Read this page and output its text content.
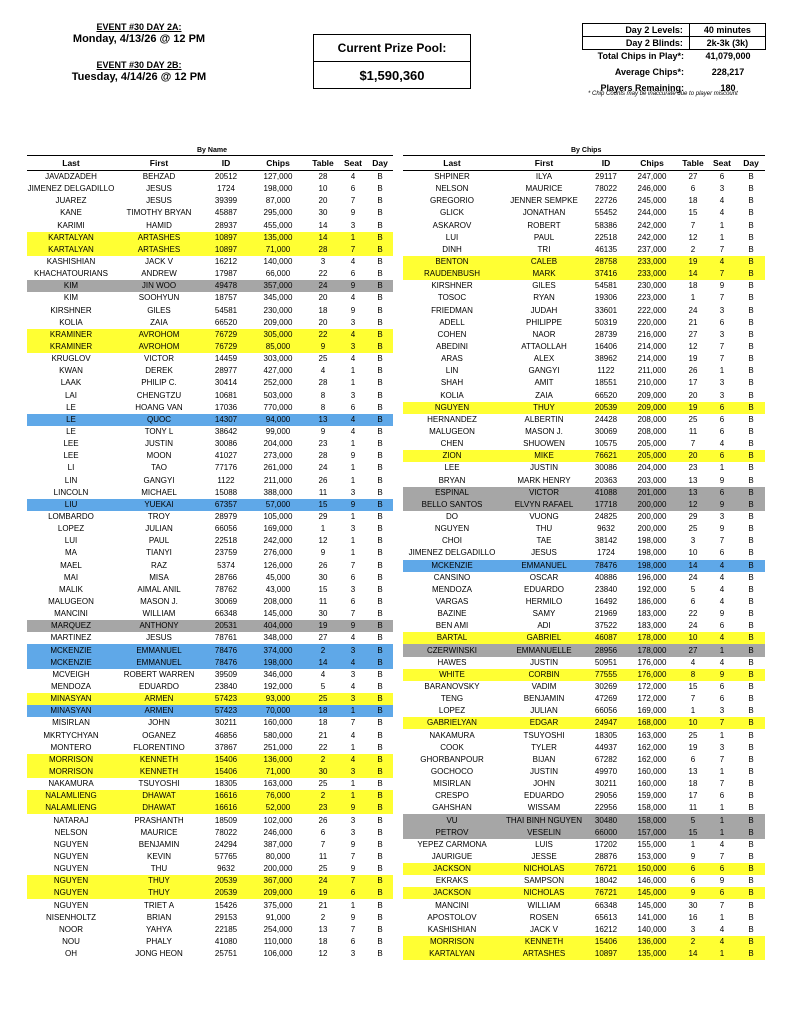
EVENT #30 DAY 2A:
Monday, 4/13/26 @ 12 PM
EVENT #30 DAY 2B:
Tuesday, 4/14/26 @ 12 PM
Current Prize Pool:
$1,590,360
Day 2 Levels:	40 minutes
Day 2 Blinds:	2k-3k (3k)
Total Chips in Play*:	41,079,000
Average Chips*:	228,217
Players Remaining:	180
* Chip Counts may be inaccurate due to player miscount
By Name	By Chips
Last	First	ID	Chips	Table	Seat	Day
JAVADZADEH	BEHZAD	20512	127,000	28	4	B
JIMENEZ DELGADILLO	JESUS	1724	198,000	10	6	B
JUAREZ	JESUS	39399	87,000	20	7	B
KANE	TIMOTHY BRYAN	45887	295,000	30	9	B
KARIMI	HAMID	28937	455,000	14	3	B
KARTALYAN	ARTASHES	10897	135,000	14	1	B
KARTALYAN	ARTASHES	10897	71,000	28	7	B
KASHISHIAN	JACK V	16212	140,000	3	4	B
KHACHATOURIANS	ANDREW	17987	66,000	22	6	B
KIM	JIN WOO	49478	357,000	24	9	B
KIM	SOOHYUN	18757	345,000	20	4	B
KIRSHNER	GILES	54581	230,000	18	9	B
KOLIA	ZAIA	66520	209,000	20	3	B
KRAMINER	AVROHOM	76729	305,000	22	4	B
KRAMINER	AVROHOM	76729	85,000	9	3	B
KRUGLOV	VICTOR	14459	303,000	25	4	B
KWAN	DEREK	28977	427,000	4	1	B
LAAK	PHILIP C.	30414	252,000	28	1	B
LAI	CHENGTZU	10681	503,000	8	3	B
LE	HOANG VAN	17036	770,000	8	6	B
LE	QUOC	14307	94,000	13	4	B
LE	TONY L	38642	99,000	9	4	B
LEE	JUSTIN	30086	204,000	23	1	B
LEE	MOON	41027	273,000	28	9	B
LI	TAO	77176	261,000	24	1	B
LIN	GANGYI	1122	211,000	26	1	B
LINCOLN	MICHAEL	15088	388,000	11	3	B
LIU	YUEKAI	67357	57,000	15	9	B
LOMBARDO	TROY	28979	105,000	29	1	B
LOPEZ	JULIAN	66056	169,000	1	3	B
LUI	PAUL	22518	242,000	12	1	B
MA	TIANYI	23759	276,000	9	1	B
MAEL	RAZ	5374	126,000	26	7	B
MAI	MISA	28766	45,000	30	6	B
MALIK	AIMAL ANIL	78762	43,000	15	3	B
MALUGEON	MASON J.	30069	208,000	11	6	B
MANCINI	WILLIAM	66348	145,000	30	7	B
MARQUEZ	ANTHONY	20531	404,000	19	9	B
MARTINEZ	JESUS	78761	348,000	27	4	B
MCKENZIE	EMMANUEL	78476	374,000	2	3	B
MCKENZIE	EMMANUEL	78476	198,000	14	4	B
MCVEIGH	ROBERT WARREN	39509	346,000	4	3	B
MENDOZA	EDUARDO	23840	192,000	5	4	B
MINASYAN	ARMEN	57423	93,000	25	3	B
MINASYAN	ARMEN	57423	70,000	18	1	B
MISIRLAN	JOHN	30211	160,000	18	7	B
MKRTYCHYAN	OGANEZ	46856	580,000	21	4	B
MONTERO	FLORENTINO	37867	251,000	22	1	B
MORRISON	KENNETH	15406	136,000	2	4	B
MORRISON	KENNETH	15406	71,000	30	3	B
NAKAMURA	TSUYOSHI	18305	163,000	25	1	B
NALAMLIENG	DHAWAT	16616	76,000	2	1	B
NALAMLIENG	DHAWAT	16616	52,000	23	9	B
NATARAJ	PRASHANTH	18509	102,000	26	3	B
NELSON	MAURICE	78022	246,000	6	3	B
NGUYEN	BENJAMIN	24294	387,000	7	9	B
NGUYEN	KEVIN	57765	80,000	11	7	B
NGUYEN	THU	9632	200,000	25	9	B
NGUYEN	THUY	20539	367,000	24	7	B
NGUYEN	THUY	20539	209,000	19	6	B
NGUYEN	TRIET A	15426	375,000	21	1	B
NISENHOLTZ	BRIAN	29153	91,000	2	9	B
NOOR	YAHYA	22185	254,000	13	7	B
NOU	PHALY	41080	110,000	18	6	B
OH	JONG HEON	25751	106,000	12	3	B
Last	First	ID	Chips	Table	Seat	Day
SHPINER	ILYA	29117	247,000	27	6	B
NELSON	MAURICE	78022	246,000	6	3	B
GREGORIO	JENNER SEMPKE	22726	245,000	18	4	B
GLICK	JONATHAN	55452	244,000	15	4	B
ASKAROV	ROBERT	58386	242,000	7	1	B
LUI	PAUL	22518	242,000	12	1	B
DINH	TRI	46135	237,000	2	7	B
BENTON	CALEB	28758	233,000	19	4	B
RAUDENBUSH	MARK	37416	233,000	14	7	B
KIRSHNER	GILES	54581	230,000	18	9	B
TOSOC	RYAN	19306	223,000	1	7	B
FRIEDMAN	JUDAH	33601	222,000	24	3	B
ADELL	PHILIPPE	50319	220,000	21	6	B
COHEN	NAOR	28739	216,000	27	3	B
ABEDINI	ATTAOLLAH	16406	214,000	12	7	B
ARAS	ALEX	38962	214,000	19	7	B
LIN	GANGYI	1122	211,000	26	1	B
SHAH	AMIT	18551	210,000	17	3	B
KOLIA	ZAIA	66520	209,000	20	3	B
NGUYEN	THUY	20539	209,000	19	6	B
HERNANDEZ	ALBERTIN	24428	208,000	25	6	B
MALUGEON	MASON J.	30069	208,000	11	6	B
CHEN	SHUOWEN	10575	205,000	7	4	B
ZION	MIKE	76621	205,000	20	6	B
LEE	JUSTIN	30086	204,000	23	1	B
BRYAN	MARK HENRY	20363	203,000	13	9	B
ESPINAL	VICTOR	41088	201,000	13	6	B
BELLO SANTOS	ELVYN RAFAEL	17718	200,000	12	9	B
DO	VUONG	24825	200,000	29	3	B
NGUYEN	THU	9632	200,000	25	9	B
CHOI	TAE	38142	198,000	3	7	B
JIMENEZ DELGADILLO	JESUS	1724	198,000	10	6	B
MCKENZIE	EMMANUEL	78476	198,000	14	4	B
CANSINO	OSCAR	40886	196,000	24	4	B
MENDOZA	EDUARDO	23840	192,000	5	4	B
VARGAS	HERMILO	16492	186,000	6	4	B
BAZINE	SAMY	21969	183,000	22	9	B
BEN AMI	ADI	37522	183,000	24	6	B
BARTAL	GABRIEL	46087	178,000	10	4	B
CZERWINSKI	EMMANUELLE	28956	178,000	27	1	B
HAWES	JUSTIN	50951	176,000	4	4	B
WHITE	CORBIN	77555	176,000	8	9	B
BARANOVSKY	VADIM	30269	172,000	15	6	B
TENG	BENJAMIN	47269	172,000	7	6	B
LOPEZ	JULIAN	66056	169,000	1	3	B
GABRIELYAN	EDGAR	24947	168,000	10	7	B
NAKAMURA	TSUYOSHI	18305	163,000	25	1	B
COOK	TYLER	44937	162,000	19	3	B
GHORBANPOUR	BIJAN	67282	162,000	6	7	B
GOCHOCO	JUSTIN	49970	160,000	13	1	B
MISIRLAN	JOHN	30211	160,000	18	7	B
CRESPO	EDUARDO	29056	159,000	17	6	B
GAHSHAN	WISSAM	22956	158,000	11	1	B
VU	THAI BINH NGUYEN	30480	158,000	5	1	B
PETROV	VESELIN	66000	157,000	15	1	B
YEPEZ CARMONA	LUIS	17202	155,000	1	4	B
JAURIGUE	JESSE	28876	153,000	9	7	B
JACKSON	NICHOLAS	76721	150,000	6	6	B
EKRAKS	SAMPSON	18042	146,000	6	9	B
JACKSON	NICHOLAS	76721	145,000	9	6	B
MANCINI	WILLIAM	66348	145,000	30	7	B
APOSTOLOV	ROSEN	65613	141,000	16	1	B
KASHISHIAN	JACK V	16212	140,000	3	4	B
MORRISON	KENNETH	15406	136,000	2	4	B
KARTALYAN	ARTASHES	10897	135,000	14	1	B
